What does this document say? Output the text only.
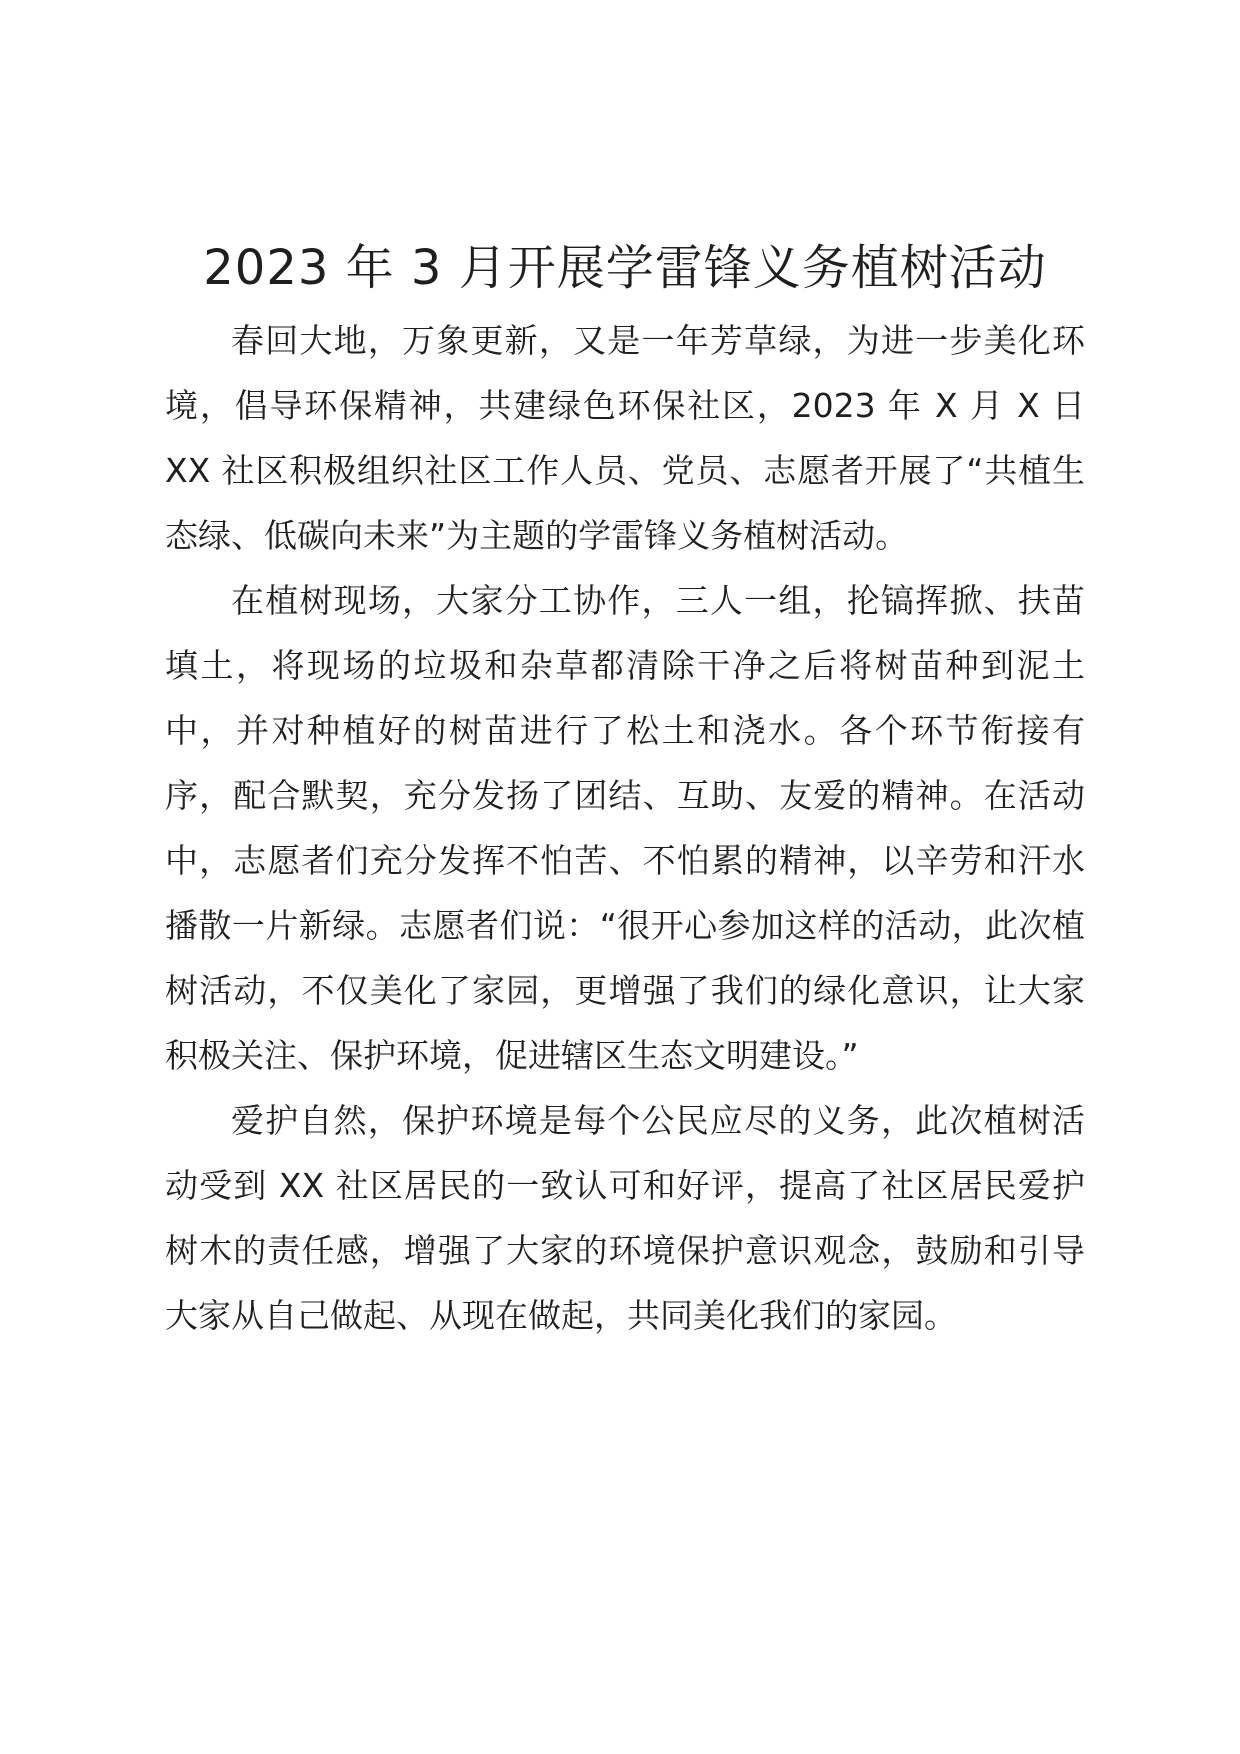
2023 年 3 月开展学雷锋义务植树活动

春回大地，万象更新，又是一年芳草绿，为进一步美化环境，倡导环保精神，共建绿色环保社区，2023 年 X 月 X 日 XX 社区积极组织社区工作人员、党员、志愿者开展了“共植生态绿、低碳向未来”为主题的学雷锋义务植树活动。

在植树现场，大家分工协作，三人一组，抡镐挥掀、扶苗填土，将现场的垃圾和杂草都清除干净之后将树苗种到泥土中，并对种植好的树苗进行了松土和浇水。各个环节衔接有序，配合默契，充分发扬了团结、互助、友爱的精神。在活动中，志愿者们充分发挥不怕苦、不怕累的精神，以辛劳和汗水播散一片新绿。志愿者们说：“很开心参加这样的活动，此次植树活动，不仅美化了家园，更增强了我们的绿化意识，让大家积极关注、保护环境，促进辖区生态文明建设。”

爱护自然，保护环境是每个公民应尽的义务，此次植树活动受到 XX 社区居民的一致认可和好评，提高了社区居民爱护树木的责任感，增强了大家的环境保护意识观念，鼓励和引导大家从自己做起、从现在做起，共同美化我们的家园。
